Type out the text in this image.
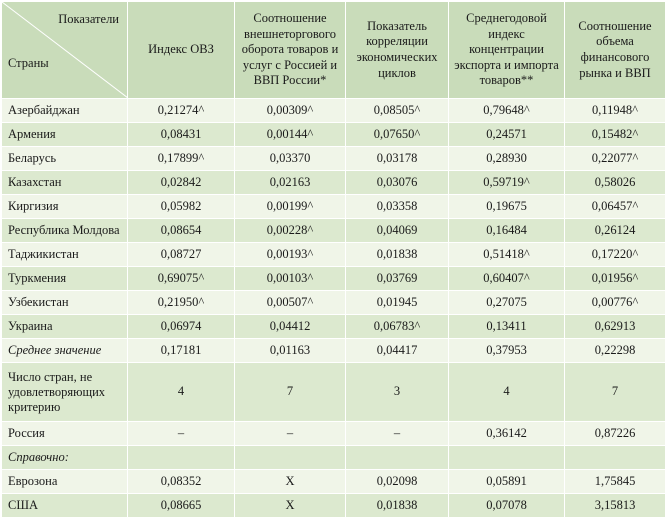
Показатели
Страны	Индекс ОВЗ	Соотношение внешнеторгового оборота товаров и услуг с Россией и ВВП России*	Показатель корреляции экономических циклов	Среднегодовой индекс концентрации экспорта и импорта товаров**	Соотношение объема финансового рынка и ВВП
Азербайджан	0,21274^	0,00309^	0,08505^	0,79648^	0,11948^
Армения	0,08431	0,00144^	0,07650^	0,24571	0,15482^
Беларусь	0,17899^	0,03370	0,03178	0,28930	0,22077^
Казахстан	0,02842	0,02163	0,03076	0,59719^	0,58026
Киргизия	0,05982	0,00199^	0,03358	0,19675	0,06457^
Республика Молдова	0,08654	0,00228^	0,04069	0,16484	0,26124
Таджикистан	0,08727	0,00193^	0,01838	0,51418^	0,17220^
Туркмения	0,69075^	0,00103^	0,03769	0,60407^	0,01956^
Узбекистан	0,21950^	0,00507^	0,01945	0,27075	0,00776^
Украина	0,06974	0,04412	0,06783^	0,13411	0,62913
Среднее значение	0,17181	0,01163	0,04417	0,37953	0,22298
Число стран, не удовлетворяющих критерию	4	7	3	4	7
Россия	–	–	–	0,36142	0,87226
Справочно:					
Еврозона	0,08352	Х	0,02098	0,05891	1,75845
США	0,08665	Х	0,01838	0,07078	3,15813
